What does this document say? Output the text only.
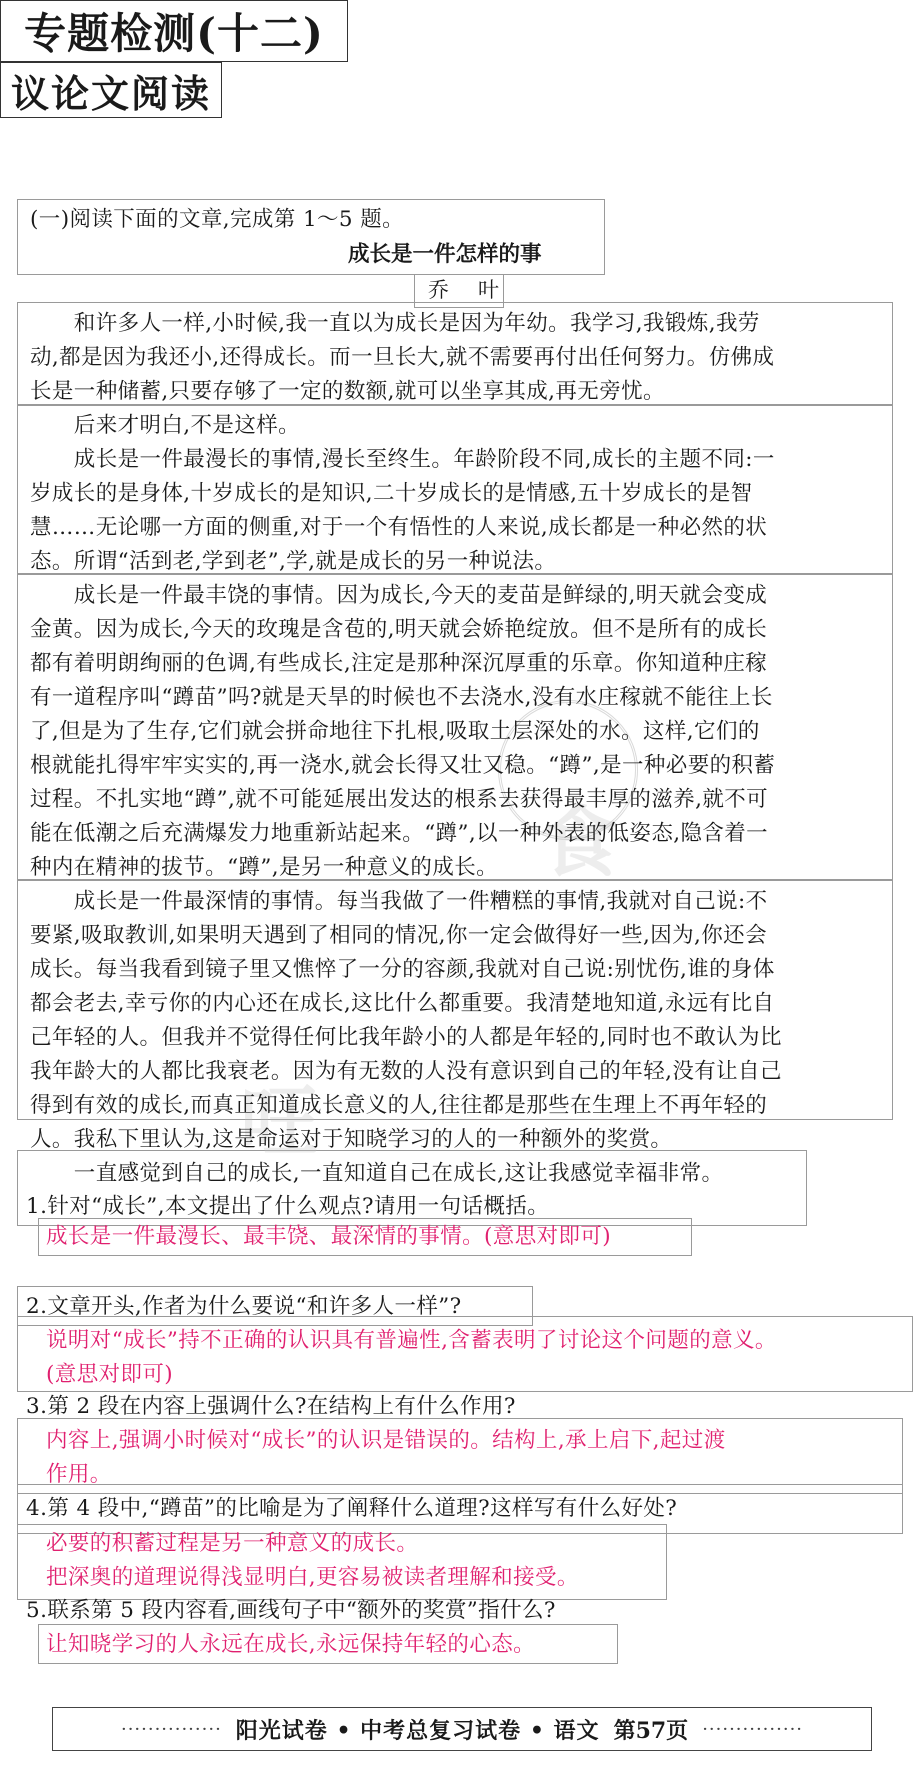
专题检测(十二)
议论文阅读
㕵
⻝
(一)阅读下面的文章,完成第 1～5 题。
成长是一件怎样的事
乔　叶
　　和许多人一样,小时候,我一直以为成长是因为年幼。我学习,我锻炼,我劳
动,都是因为我还小,还得成长。而一旦长大,就不需要再付出任何努力。仿佛成
长是一种储蓄,只要存够了一定的数额,就可以坐享其成,再无旁忧。
　　后来才明白,不是这样。
　　成长是一件最漫长的事情,漫长至终生。年龄阶段不同,成长的主题不同:一
岁成长的是身体,十岁成长的是知识,二十岁成长的是情感,五十岁成长的是智
慧……无论哪一方面的侧重,对于一个有悟性的人来说,成长都是一种必然的状
态。所谓“活到老,学到老”,学,就是成长的另一种说法。
　　成长是一件最丰饶的事情。因为成长,今天的麦苗是鲜绿的,明天就会变成
金黄。因为成长,今天的玫瑰是含苞的,明天就会娇艳绽放。但不是所有的成长
都有着明朗绚丽的色调,有些成长,注定是那种深沉厚重的乐章。你知道种庄稼
有一道程序叫“蹲苗”吗?就是天旱的时候也不去浇水,没有水庄稼就不能往上长
了,但是为了生存,它们就会拼命地往下扎根,吸取土层深处的水。这样,它们的
根就能扎得牢牢实实的,再一浇水,就会长得又壮又稳。“蹲”,是一种必要的积蓄
过程。不扎实地“蹲”,就不可能延展出发达的根系去获得最丰厚的滋养,就不可
能在低潮之后充满爆发力地重新站起来。“蹲”,以一种外表的低姿态,隐含着一
种内在精神的拔节。“蹲”,是另一种意义的成长。
　　成长是一件最深情的事情。每当我做了一件糟糕的事情,我就对自己说:不
要紧,吸取教训,如果明天遇到了相同的情况,你一定会做得好一些,因为,你还会
成长。每当我看到镜子里又憔悴了一分的容颜,我就对自己说:别忧伤,谁的身体
都会老去,幸亏你的内心还在成长,这比什么都重要。我清楚地知道,永远有比自
己年轻的人。但我并不觉得任何比我年龄小的人都是年轻的,同时也不敢认为比
我年龄大的人都比我衰老。因为有无数的人没有意识到自己的年轻,没有让自己
得到有效的成长,而真正知道成长意义的人,往往都是那些在生理上不再年轻的
人。我私下里认为,这是命运对于知晓学习的人的一种额外的奖赏。
　　一直感觉到自己的成长,一直知道自己在成长,这让我感觉幸福非常。
1.针对“成长”,本文提出了什么观点?请用一句话概括。
成长是一件最漫长、最丰饶、最深情的事情。(意思对即可)
2.文章开头,作者为什么要说“和许多人一样”?
说明对“成长”持不正确的认识具有普遍性,含蓄表明了讨论这个问题的意义。
(意思对即可)
3.第 2 段在内容上强调什么?在结构上有什么作用?
内容上,强调小时候对“成长”的认识是错误的。结构上,承上启下,起过渡
作用。
4.第 4 段中,“蹲苗”的比喻是为了阐释什么道理?这样写有什么好处?
必要的积蓄过程是另一种意义的成长。
把深奥的道理说得浅显明白,更容易被读者理解和接受。
5.联系第 5 段内容看,画线句子中“额外的奖赏”指什么?
让知晓学习的人永远在成长,永远保持年轻的心态。
··············· 阳光试卷 • 中考总复习试卷 • 语文 第57页 ···············
